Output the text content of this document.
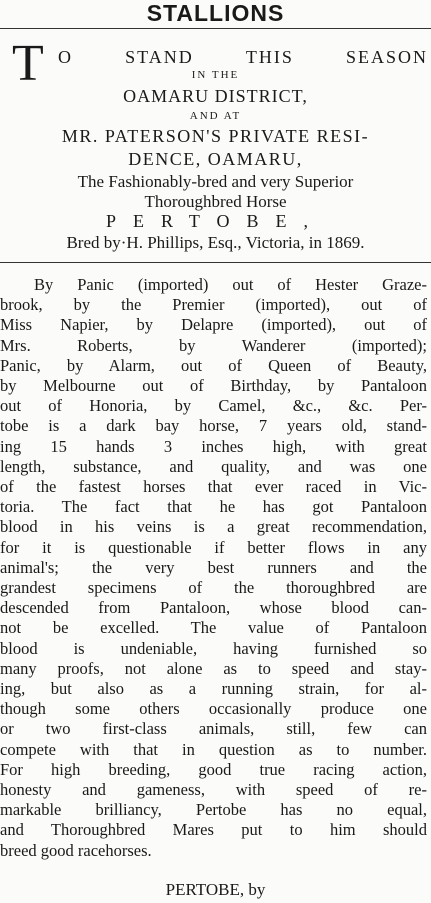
STALLIONS
T O	STAND	THIS	SEASON
IN THE
OAMARU DISTRICT,
AND AT
MR. PATERSON'S PRIVATE RESI-
DENCE, OAMARU,
The Fashionably-bred and very Superior
Thoroughbred Horse
PERTOBE,
Bred by·H. Phillips, Esq., Victoria, in 1869.
By Panic (imported) out of Hester Graze-
brook, by the Premier (imported), out of
Miss Napier, by Delapre (imported), out of
Mrs. Roberts, by Wanderer (imported);
Panic, by Alarm, out of Queen of Beauty,
by Melbourne out of Birthday, by Pantaloon
out of Honoria, by Camel, &c., &c. Per-
tobe is a dark bay horse, 7 years old, stand-
ing 15 hands 3 inches high, with great
length, substance, and quality, and was one
of the fastest horses that ever raced in Vic-
toria. The fact that he has got Pantaloon
blood in his veins is a great recommendation,
for it is questionable if better flows in any
animal's; the very best runners and the
grandest specimens of the thoroughbred are
descended from Pantaloon, whose blood can-
not be excelled. The value of Pantaloon
blood is undeniable, having furnished so
many proofs, not alone as to speed and stay-
ing, but also as a running strain, for al-
though some others occasionally produce one
or two first-class animals, still, few can
compete with that in question as to number.
For high breeding, good true racing action,
honesty and gameness, with speed of re-
markable brilliancy, Pertobe has no equal,
and Thoroughbred Mares put to him should
breed good racehorses.
PERTOBE, by
